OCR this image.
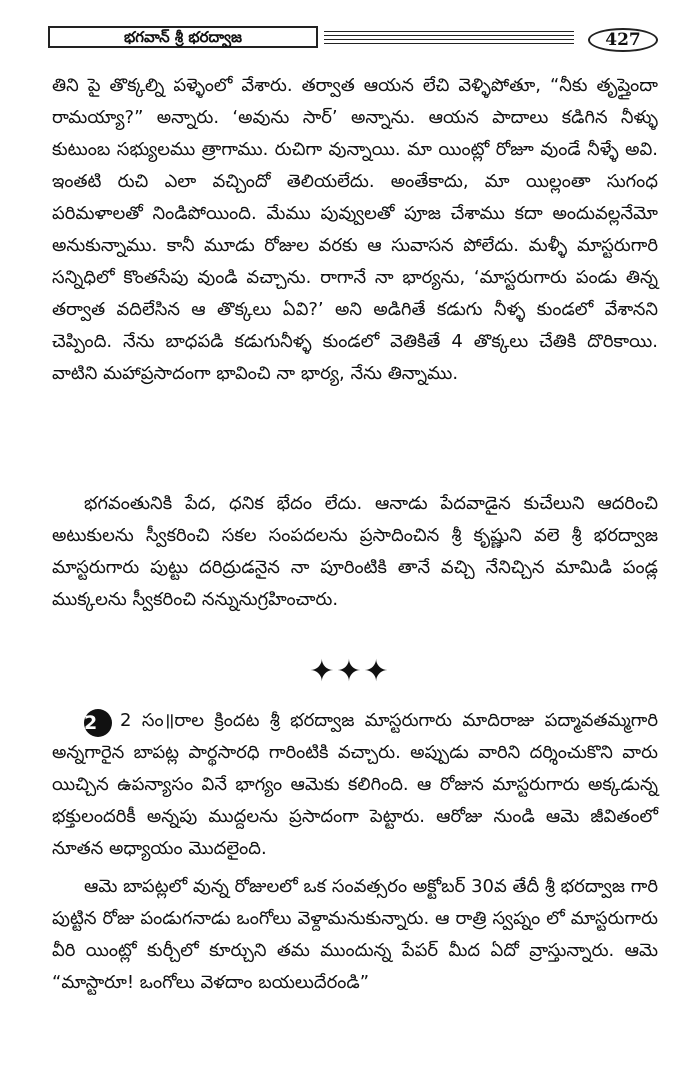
భగవాన్ శ్రీ భరద్వాజ	427

తిని పై తొక్కల్ని పళ్ళెంలో వేశారు. తర్వాత ఆయన లేచి వెళ్ళిపోతూ, “నీకు తృప్తైందా రామయ్యా?” అన్నారు. ‘అవును సార్’ అన్నాను. ఆయన పాదాలు కడిగిన నీళ్ళు కుటుంబ సభ్యులము త్రాగాము. రుచిగా వున్నాయి. మా యింట్లో రోజూ వుండే నీళ్ళే అవి. ఇంతటి రుచి ఎలా వచ్చిందో తెలియలేదు. అంతేకాదు, మా యిల్లంతా సుగంధ పరిమళాలతో నిండిపోయింది. మేము పువ్వులతో పూజ చేశాము కదా అందువల్లనేమో అనుకున్నాము. కానీ మూడు రోజుల వరకు ఆ సువాసన పోలేదు. మళ్ళీ మాస్టరుగారి సన్నిధిలో కొంతసేపు వుండి వచ్చాను. రాగానే నా భార్యను, ‘మాస్టరుగారు పండు తిన్న తర్వాత వదిలేసిన ఆ తొక్కలు ఏవి?’ అని అడిగితే కడుగు నీళ్ళ కుండలో వేశానని చెప్పింది. నేను బాధపడి కడుగునీళ్ళ కుండలో వెతికితే 4 తొక్కలు చేతికి దొరికాయి. వాటిని మహాప్రసాదంగా భావించి నా భార్య, నేను తిన్నాము.

భగవంతునికి పేద, ధనిక భేదం లేదు. ఆనాడు పేదవాడైన కుచేలుని ఆదరించి అటుకులను స్వీకరించి సకల సంపదలను ప్రసాదించిన శ్రీ కృష్ణుని వలె శ్రీ భరద్వాజ మాస్టరుగారు పుట్టు దరిద్రుడనైన నా పూరింటికి తానే వచ్చి నేనిచ్చిన మామిడి పండ్ల ముక్కలను స్వీకరించి నన్నునుగ్రహించారు.

✦✦✦

2 2 సం॥రాల క్రిందట శ్రీ భరద్వాజ మాస్టరుగారు మాదిరాజు పద్మావతమ్మగారి అన్నగారైన బాపట్ల పార్థసారధి గారింటికి వచ్చారు. అప్పుడు వారిని దర్శించుకొని వారు యిచ్చిన ఉపన్యాసం వినే భాగ్యం ఆమెకు కలిగింది. ఆ రోజున మాస్టరుగారు అక్కడున్న భక్తులందరికీ అన్నపు ముద్దలను ప్రసాదంగా పెట్టారు. ఆరోజు నుండి ఆమె జీవితంలో నూతన అధ్యాయం మొదలైంది.

ఆమె బాపట్లలో వున్న రోజులలో ఒక సంవత్సరం అక్టోబర్ 30వ తేదీ శ్రీ భరద్వాజ గారి పుట్టిన రోజు పండుగనాడు ఒంగోలు వెళ్దామనుకున్నారు. ఆ రాత్రి స్వప్నం లో మాస్టరుగారు వీరి యింట్లో కుర్చీలో కూర్చుని తమ ముందున్న పేపర్ మీద ఏదో వ్రాస్తున్నారు. ఆమె “మాస్టారూ! ఒంగోలు వెళదాం బయలుదేరండి”
